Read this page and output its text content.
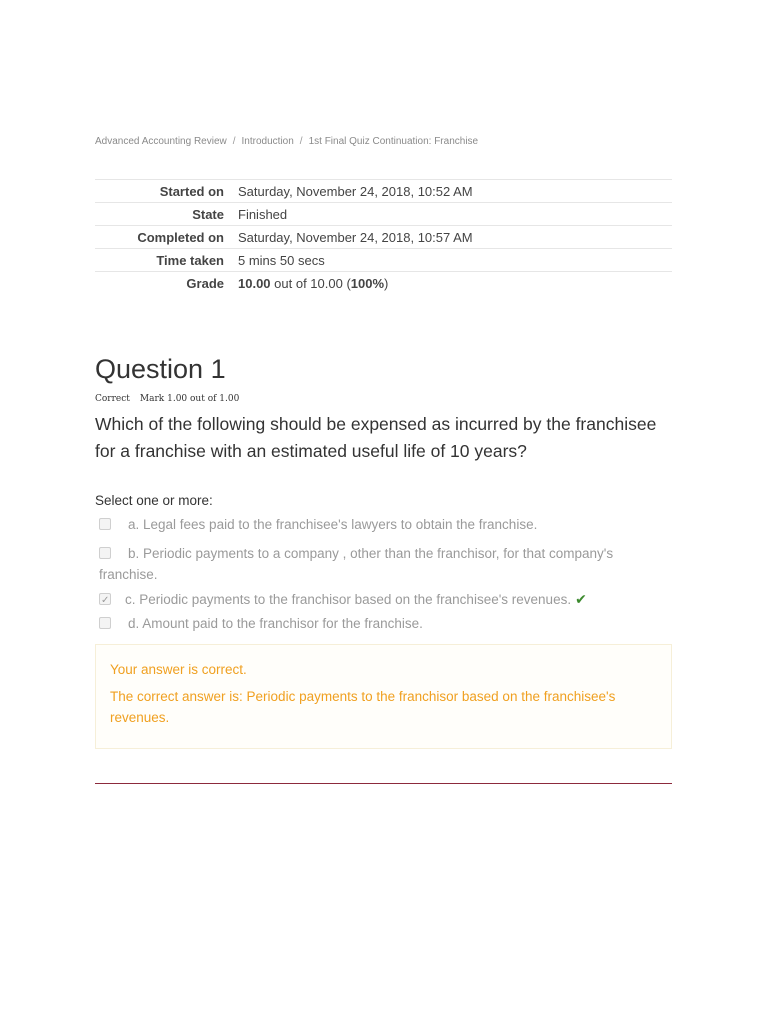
Advanced Accounting Review / Introduction / 1st Final Quiz Continuation: Franchise
Started on	Saturday, November 24, 2018, 10:52 AM
State	Finished
Completed on	Saturday, November 24, 2018, 10:57 AM
Time taken	5 mins 50 secs
Grade	10.00 out of 10.00 (100%)
Question 1
Correct Mark 1.00 out of 1.00

Which of the following should be expensed as incurred by the franchisee for a franchise with an estimated useful life of 10 years?

Select one or more:
a. Legal fees paid to the franchisee's lawyers to obtain the franchise.
b. Periodic payments to a company , other than the franchisor, for that company's franchise.
✓c. Periodic payments to the franchisor based on the franchisee's revenues. ✔
d. Amount paid to the franchisor for the franchise.

Your answer is correct.

The correct answer is: Periodic payments to the franchisor based on the franchisee's revenues.
